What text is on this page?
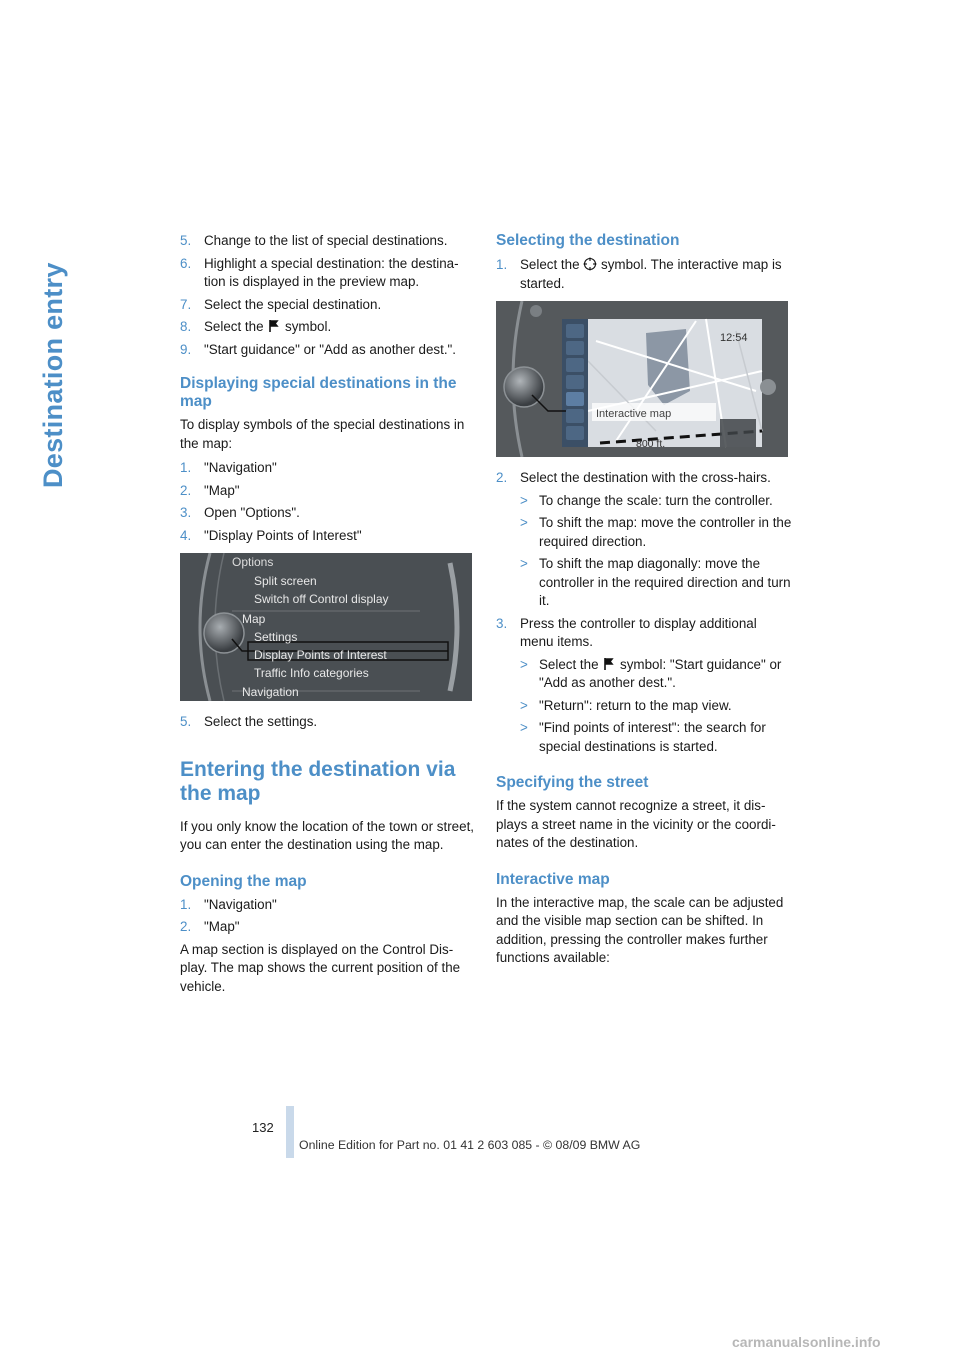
Destination entry
5. Change to the list of special destinations.
6. Highlight a special destination: the destina-tion is displayed in the preview map.
7. Select the special destination.
8. Select the symbol.
9. "Start guidance" or "Add as another dest.".
Displaying special destinations in the map

To display symbols of the special destinations in the map:

1. "Navigation"
2. "Map"
3. Open "Options".
4. "Display Points of Interest"
Options
Split screen
Switch off Control display
Map
Settings
Display Points of Interest
Traffic Info categories
Navigation
5. Select the settings.
Entering the destination via the map

If you only know the location of the town or street, you can enter the destination using the map.

Opening the map
1. "Navigation"
2. "Map"

A map section is displayed on the Control Dis-play. The map shows the current position of the vehicle.

Selecting the destination
1. Select the symbol. The interactive map is started.
12:54
Interactive map
800 ft.
2. Select the destination with the cross-hairs.
> To change the scale: turn the controller.
> To shift the map: move the controller in the required direction.
> To shift the map diagonally: move the controller in the required direction and turn it.
3. Press the controller to display additional menu items.
> Select the symbol: "Start guidance" or "Add as another dest.".
> "Return": return to the map view.
> "Find points of interest": the search for special destinations is started.
Specifying the street

If the system cannot recognize a street, it dis-plays a street name in the vicinity or the coordi-nates of the destination.

Interactive map

In the interactive map, the scale can be adjusted and the visible map section can be shifted. In addition, pressing the controller makes further functions available:

132
Online Edition for Part no. 01 41 2 603 085 - © 08/09 BMW AG
carmanualsonline.info
